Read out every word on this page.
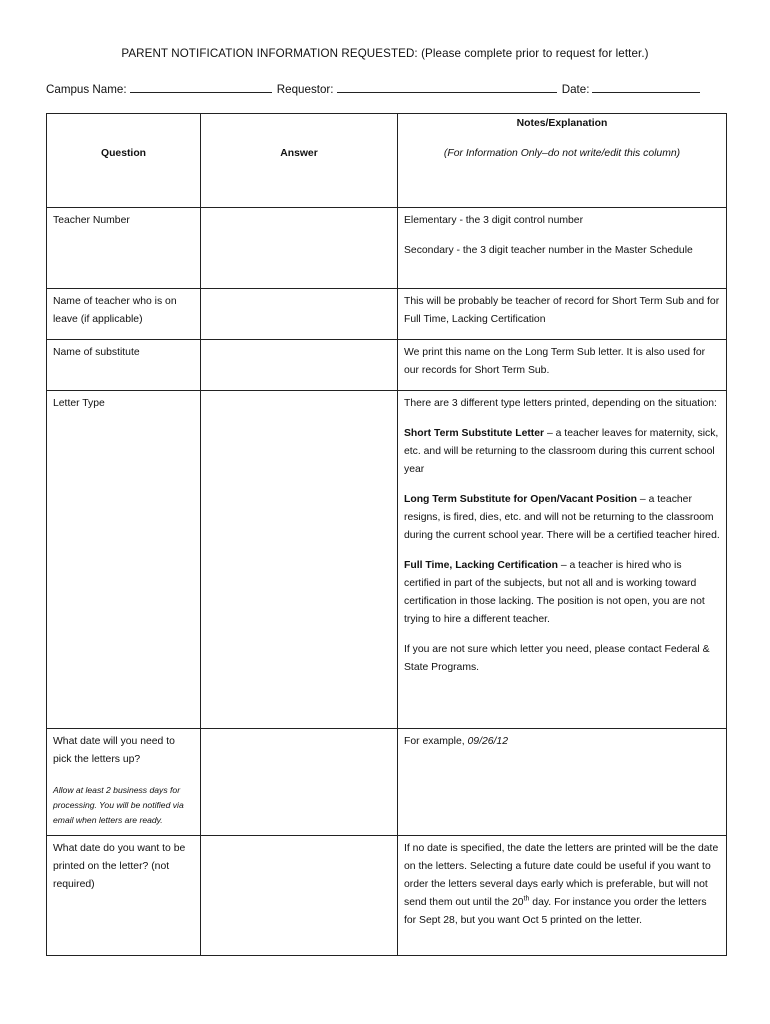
PARENT NOTIFICATION INFORMATION REQUESTED: (Please complete prior to request for letter.)
Campus Name:	Requestor:	Date:
Question	Answer	Notes/Explanation
(For Information Only–do not write/edit this column)

Teacher Number		Elementary - the 3 digit control number

Secondary - the 3 digit teacher number in the Master Schedule

Name of teacher who is on leave (if applicable)		This will be probably be teacher of record for Short Term Sub and for Full Time, Lacking Certification

Name of substitute		We print this name on the Long Term Sub letter. It is also used for our records for Short Term Sub.

Letter Type		There are 3 different type letters printed, depending on the situation:

Short Term Substitute Letter – a teacher leaves for maternity, sick, etc. and will be returning to the classroom during this current school year

Long Term Substitute for Open/Vacant Position – a teacher resigns, is fired, dies, etc. and will not be returning to the classroom during the current school year. There will be a certified teacher hired.

Full Time, Lacking Certification – a teacher is hired who is certified in part of the subjects, but not all and is working toward certification in those lacking. The position is not open, you are not trying to hire a different teacher.

If you are not sure which letter you need, please contact Federal & State Programs.

What date will you need to pick the letters up?
Allow at least 2 business days for processing. You will be notified via email when letters are ready.		For example, 09/26/12
What date do you want to be printed on the letter? (not required)		If no date is specified, the date the letters are printed will be the date on the letters. Selecting a future date could be useful if you want to order the letters several days early which is preferable, but will not send them out until the 20th day. For instance you order the letters for Sept 28, but you want Oct 5 printed on the letter.
